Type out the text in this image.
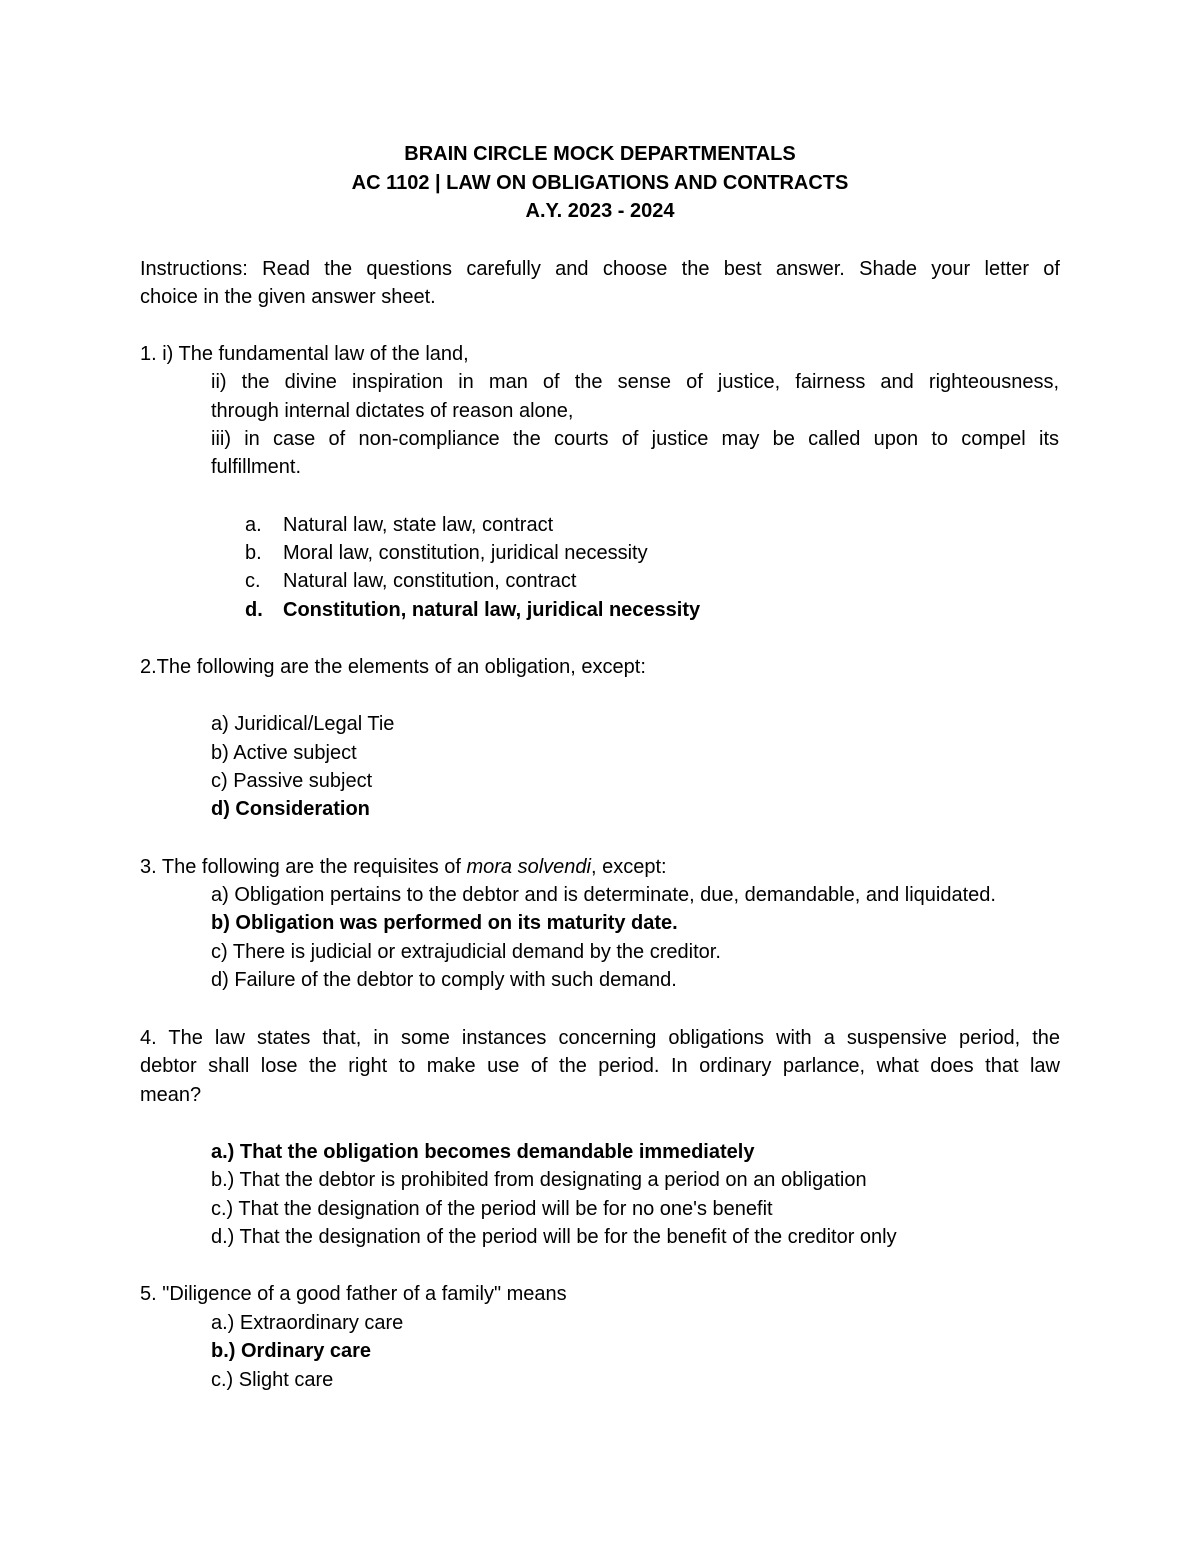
BRAIN CIRCLE MOCK DEPARTMENTALS
AC 1102 | LAW ON OBLIGATIONS AND CONTRACTS
A.Y. 2023 - 2024
Instructions: Read the questions carefully and choose the best answer. Shade your letter of
choice in the given answer sheet.
1. i) The fundamental law of the land,
ii) the divine inspiration in man of the sense of justice, fairness and righteousness,
through internal dictates of reason alone,
iii) in case of non-compliance the courts of justice may be called upon to compel its
fulfillment.
a. Natural law, state law, contract
b. Moral law, constitution, juridical necessity
c. Natural law, constitution, contract
d. Constitution, natural law, juridical necessity
2.The following are the elements of an obligation, except:
a) Juridical/Legal Tie
b) Active subject
c) Passive subject
d) Consideration
3. The following are the requisites of mora solvendi, except:
a) Obligation pertains to the debtor and is determinate, due, demandable, and liquidated.
b) Obligation was performed on its maturity date.
c) There is judicial or extrajudicial demand by the creditor.
d) Failure of the debtor to comply with such demand.
4. The law states that, in some instances concerning obligations with a suspensive period, the
debtor shall lose the right to make use of the period. In ordinary parlance, what does that law
mean?
a.) That the obligation becomes demandable immediately
b.) That the debtor is prohibited from designating a period on an obligation
c.) That the designation of the period will be for no one's benefit
d.) That the designation of the period will be for the benefit of the creditor only
5. "Diligence of a good father of a family" means
a.) Extraordinary care
b.) Ordinary care
c.) Slight care
